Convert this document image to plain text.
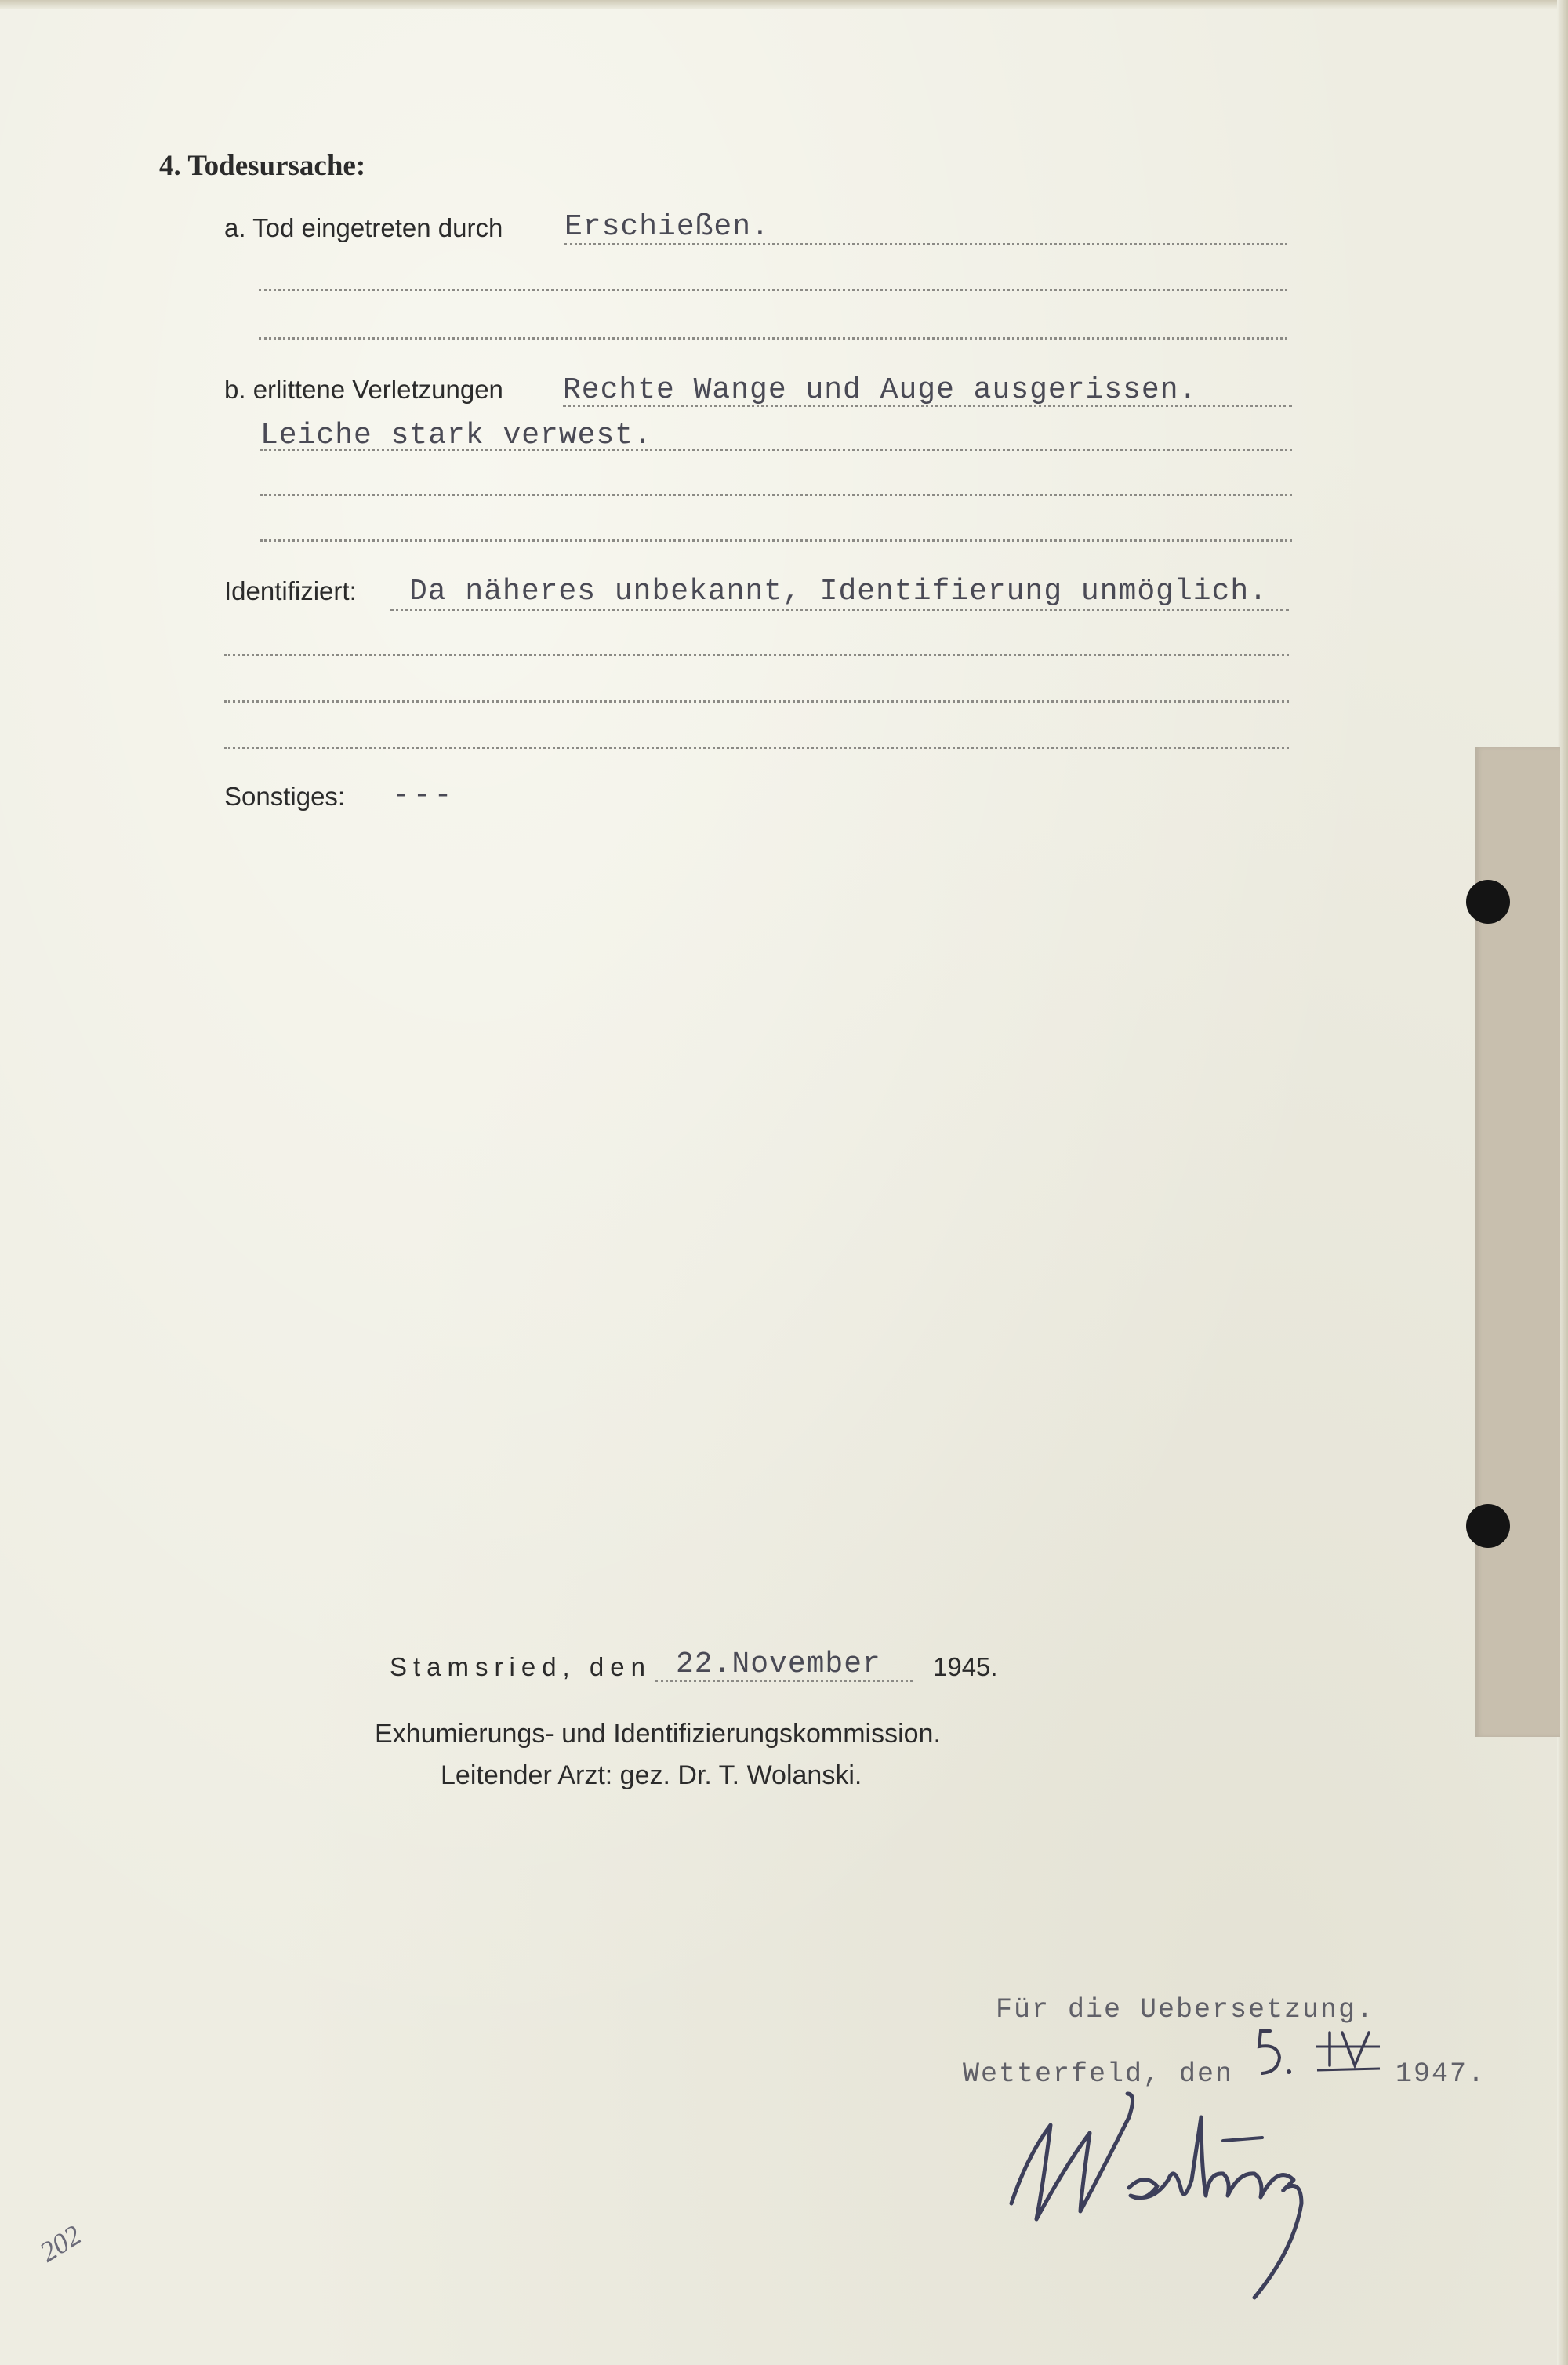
4. Todesursache:
a. Tod eingetreten durch Erschießen.
b. erlittene Verletzungen Rechte Wange und Auge ausgerissen.
Leiche stark verwest.
Identifiziert: Da näheres unbekannt, Identifierung unmöglich.
Sonstiges: ---
Stamsried, den 22.November 1945.
Exhumierungs- und Identifizierungskommission.
Leitender Arzt: gez. Dr. T. Wolanski.
Für die Uebersetzung.
Wetterfeld, den	1947.
202
